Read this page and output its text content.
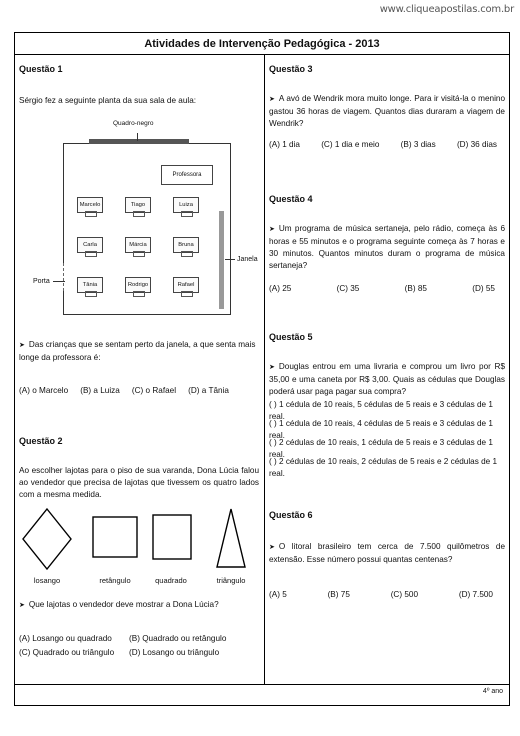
www.cliqueapostilas.com.br
Atividades de Intervenção Pedagógica - 2013
4º ano
Questão 1
Sérgio fez a seguinte planta da sua sala de aula:
Quadro-negro
Professora
Janela
Porta
Marcelo	Tiago	Luiza
Carla	Márcia	Bruna
Tânia	Rodrigo	Rafael
➤ Das crianças que se sentam perto da janela, a que senta mais longe da professora é:
(A) o Marcelo (B) a Luiza (C) o Rafael (D) a Tânia
Questão 2
Ao escolher lajotas para o piso de sua varanda, Dona Lúcia falou ao vendedor que precisa de lajotas que tivessem os quatro lados com a mesma medida.
losango	retângulo	quadrado	triângulo
➤ Que lajotas o vendedor deve mostrar a Dona Lúcia?
(A) Losango ou quadrado (B) Quadrado ou retângulo
(C) Quadrado ou triângulo (D) Losango ou triângulo
Questão 3
➤ A avó de Wendrik mora muito longe. Para ir visitá-la o menino gastou 36 horas de viagem. Quantos dias duraram a viagem de Wendrik?
(A) 1 dia	(C) 1 dia e meio	(B) 3 dias	(D) 36 dias
Questão 4
➤ Um programa de música sertaneja, pelo rádio, começa às 6 horas e 55 minutos e o programa seguinte começa às 7 horas e 30 minutos. Quantos minutos duram o programa de música sertaneja?
(A) 25	(C) 35	(B) 85	(D) 55
Questão 5
➤ Douglas entrou em uma livraria e comprou um livro por R$ 35,00 e uma caneta por R$ 3,00. Quais as cédulas que Douglas poderá usar paga pagar sua compra?
( ) 1 cédula de 10 reais, 5 cédulas de 5 reais e 3 cédulas de 1 real.
( ) 1 cédula de 10 reais, 4 cédulas de 5 reais e 3 cédulas de 1 real.
( ) 2 cédulas de 10 reais, 1 cédula de 5 reais e 3 cédulas de 1 real.
( ) 2 cédulas de 10 reais, 2 cédulas de 5 reais e 2 cédulas de 1 real.
Questão 6
➤ O litoral brasileiro tem cerca de 7.500 quilômetros de extensão. Esse número possui quantas centenas?
(A) 5	(B) 75	(C) 500	(D) 7.500
